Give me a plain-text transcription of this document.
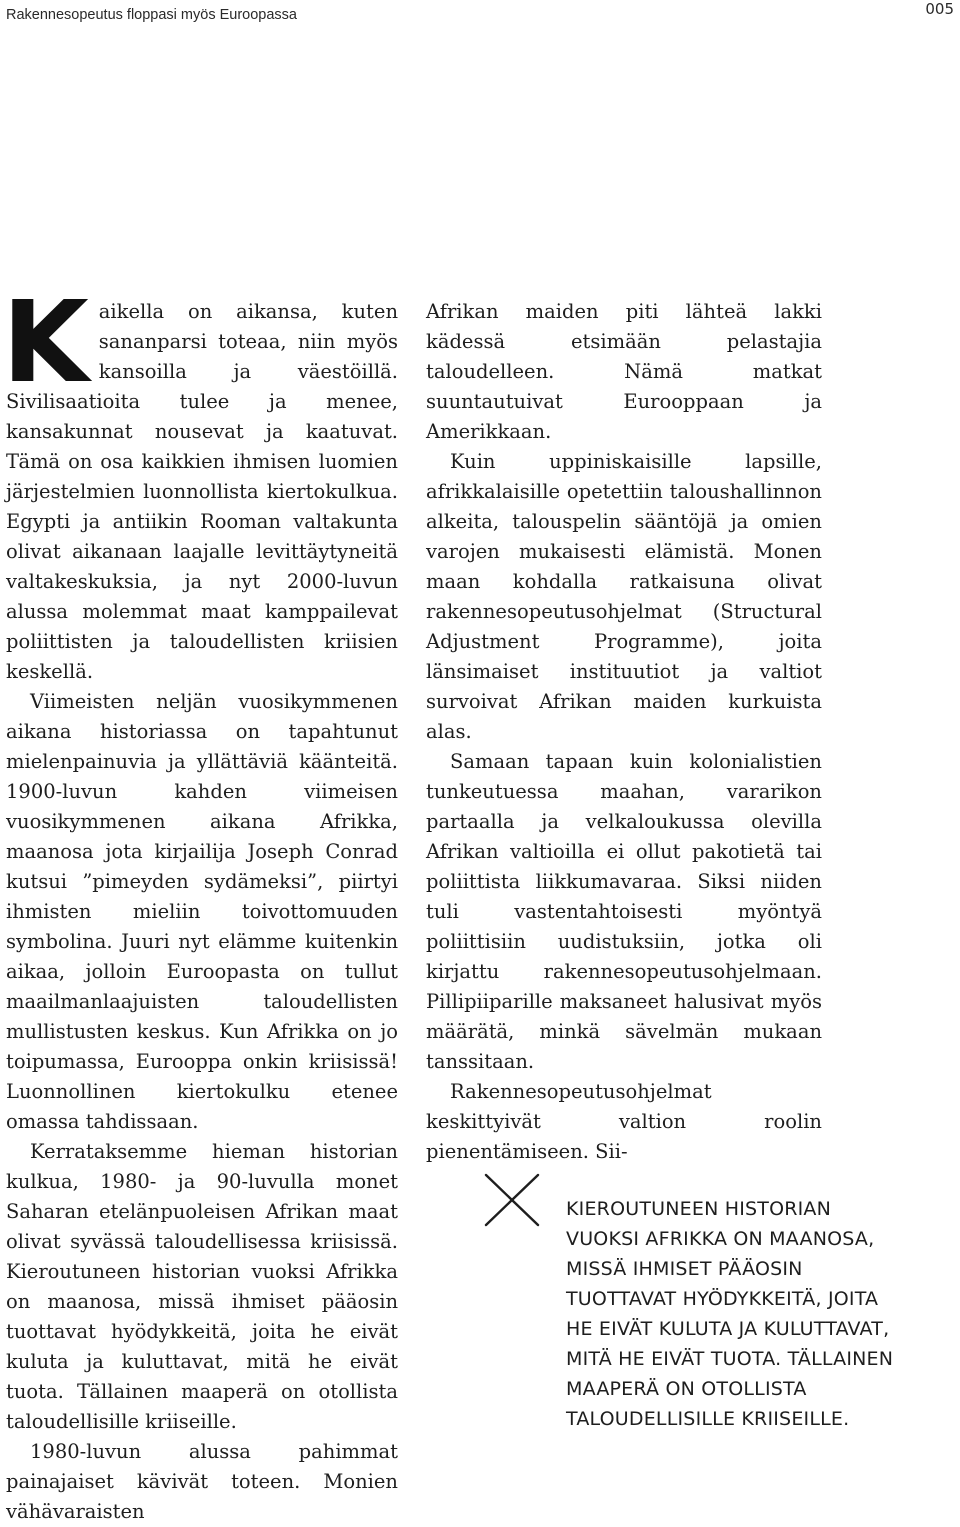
Rakennesopeutus floppasi myös Euroopassa	005

Kaikella on aikansa, kuten sananparsi toteaa, niin myös kansoilla ja väestöillä. Sivilisaatioita tulee ja menee, kansakunnat nousevat ja kaatuvat. Tämä on osa kaikkien ihmisen luomien järjestelmien luonnollista kiertokulkua. Egypti ja antiikin Rooman valtakunta olivat aikanaan laajalle levittäytyneitä valtakeskuksia, ja nyt 2000-luvun alussa molemmat maat kamppailevat poliittisten ja taloudellisten kriisien keskellä.

Viimeisten neljän vuosikymmenen aikana historiassa on tapahtunut mielenpainuvia ja yllättäviä käänteitä. 1900-luvun kahden viimeisen vuosikymmenen aikana Afrikka, maanosa jota kirjailija Joseph Conrad kutsui ”pimeyden sydämeksi”, piirtyi ihmisten mieliin toivottomuuden symbolina. Juuri nyt elämme kuitenkin aikaa, jolloin Euroopasta on tullut maailmanlaajuisten taloudellisten mullistusten keskus. Kun Afrikka on jo toipumassa, Eurooppa onkin kriisissä! Luonnollinen kiertokulku etenee omassa tahdissaan.

Kerrataksemme hieman historian kulkua, 1980- ja 90-luvulla monet Saharan etelänpuoleisen Afrikan maat olivat syvässä taloudellisessa kriisissä. Kieroutuneen historian vuoksi Afrikka on maanosa, missä ihmiset pääosin tuottavat hyödykkeitä, joita he eivät kuluta ja kuluttavat, mitä he eivät tuota. Tällainen maaperä on otollista taloudellisille kriiseille.

1980-luvun alussa pahimmat painajaiset kävivät toteen. Monien vähävaraisten

Afrikan maiden piti lähteä lakki kädessä etsimään pelastajia taloudelleen. Nämä matkat suuntautuivat Eurooppaan ja Amerikkaan.

Kuin uppiniskaisille lapsille, afrikkalaisille opetettiin taloushallinnon alkeita, talouspelin sääntöjä ja omien varojen mukaisesti elämistä. Monen maan kohdalla ratkaisuna olivat rakennesopeutusohjelmat (Structural Adjustment Programme), joita länsimaiset instituutiot ja valtiot survoivat Afrikan maiden kurkuista alas.

Samaan tapaan kuin kolonialistien tunkeutuessa maahan, vararikon partaalla ja velkaloukussa olevilla Afrikan valtioilla ei ollut pakotietä tai poliittista liikkumavaraa. Siksi niiden tuli vastentahtoisesti myöntyä poliittisiin uudistuksiin, jotka oli kirjattu rakennesopeutusohjelmaan. Pillipiiparille maksaneet halusivat myös määrätä, minkä sävelmän mukaan tanssitaan.

Rakennesopeutusohjelmat keskittyivät valtion roolin pienentämiseen. Sii-

KIEROUTUNEEN HISTORIAN
VUOKSI AFRIKKA ON MAANOSA,
MISSÄ IHMISET PÄÄOSIN
TUOTTAVAT HYÖDYKKEITÄ, JOITA
HE EIVÄT KULUTA JA KULUTTAVAT,
MITÄ HE EIVÄT TUOTA. TÄLLAINEN
MAAPERÄ ON OTOLLISTA
TALOUDELLISILLE KRIISEILLE.
